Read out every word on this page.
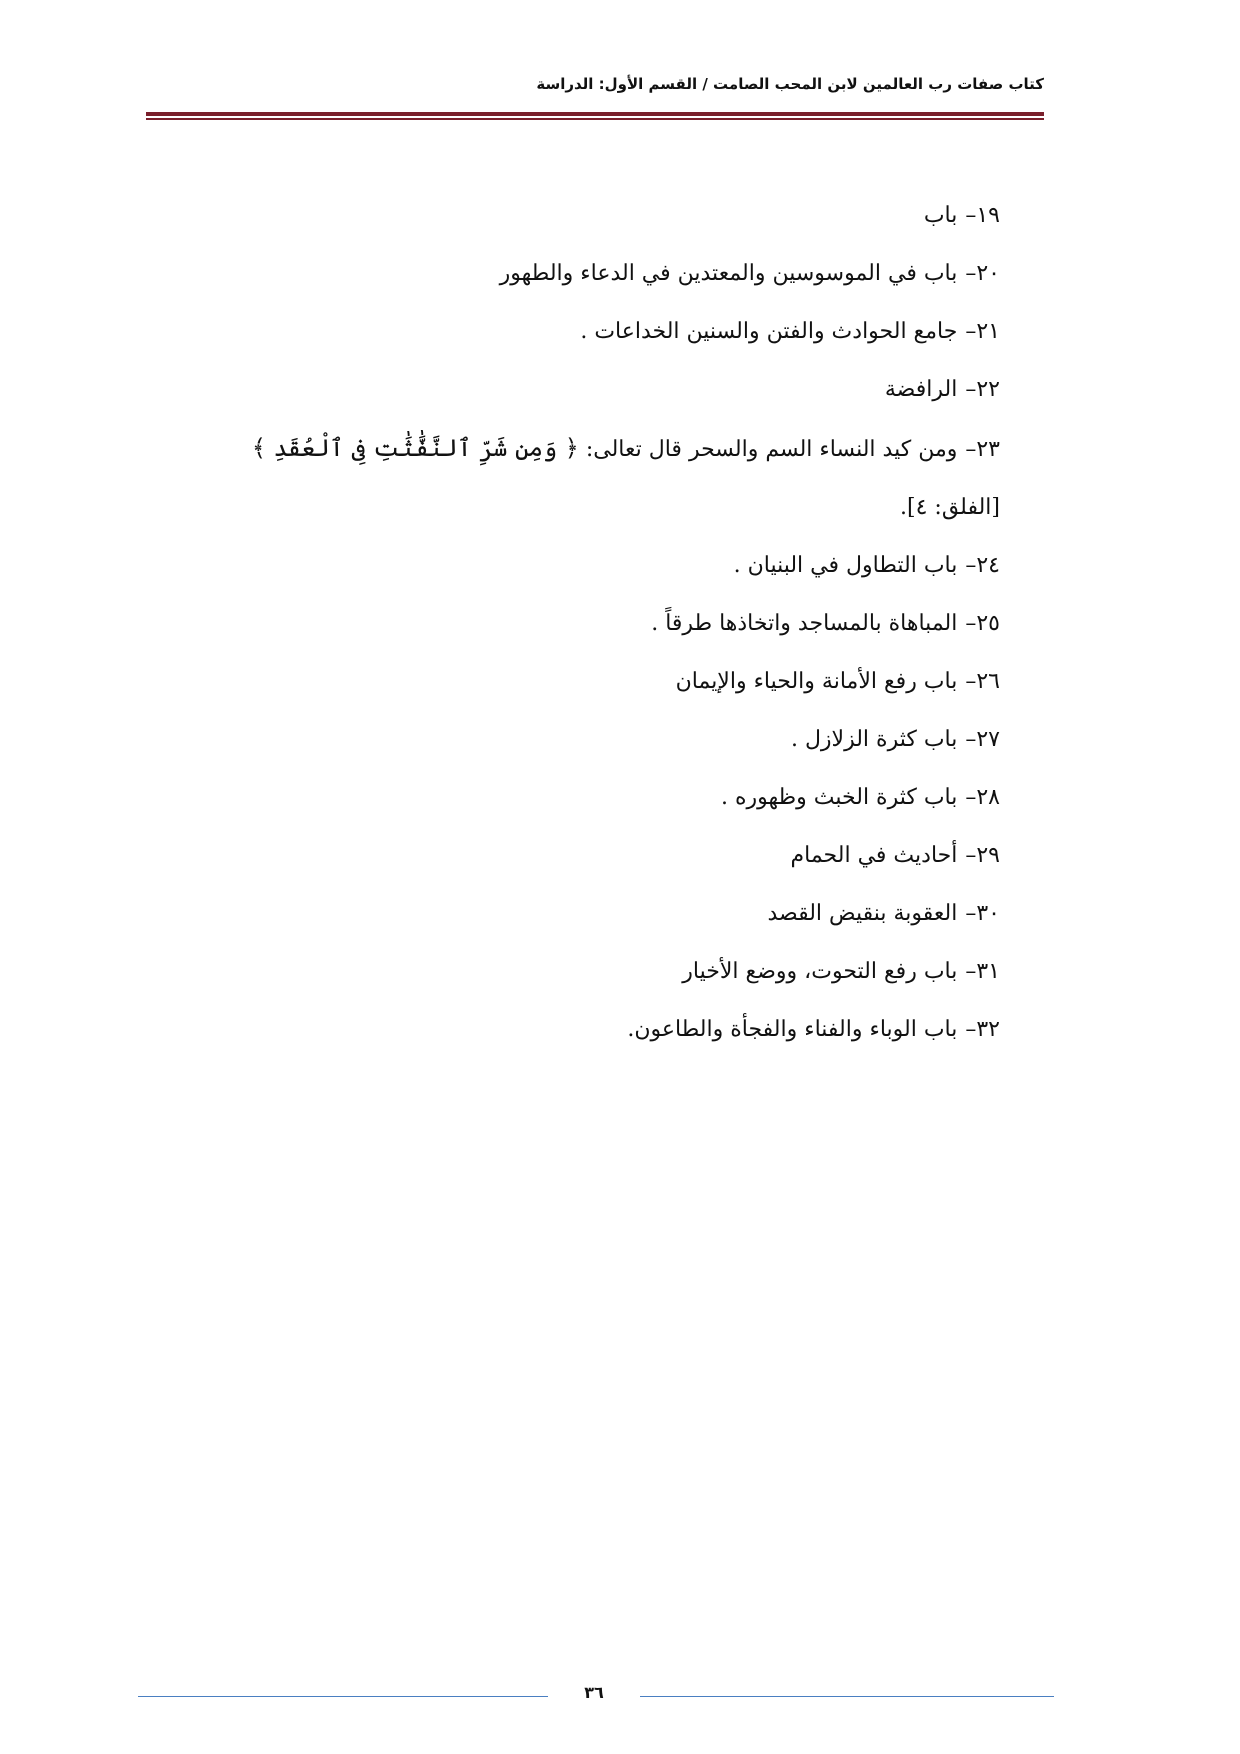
كتاب صفات رب العالمين لابن المحب الصامت / القسم الأول: الدراسة

١٩–باب

٢٠–باب في الموسوسين والمعتدين في الدعاء والطهور

٢١–جامع الحوادث والفتن والسنين الخداعات .

٢٢–الرافضة

٢٣–ومن كيد النساء السم والسحر قال تعالى: ﴿ وَمِن شَرِّ ٱلنَّفَّٰثَٰتِ فِى ٱلْعُقَدِ ﴾
[الفلق: ٤].

٢٤–باب التطاول في البنيان .

٢٥–المباهاة بالمساجد واتخاذها طرقاً .

٢٦–باب رفع الأمانة والحياء والإيمان

٢٧–باب كثرة الزلازل .

٢٨–باب كثرة الخبث وظهوره .

٢٩–أحاديث في الحمام

٣٠–العقوبة بنقيض القصد

٣١–باب رفع التحوت، ووضع الأخيار

٣٢–باب الوباء والفناء والفجأة والطاعون.

٣٦
